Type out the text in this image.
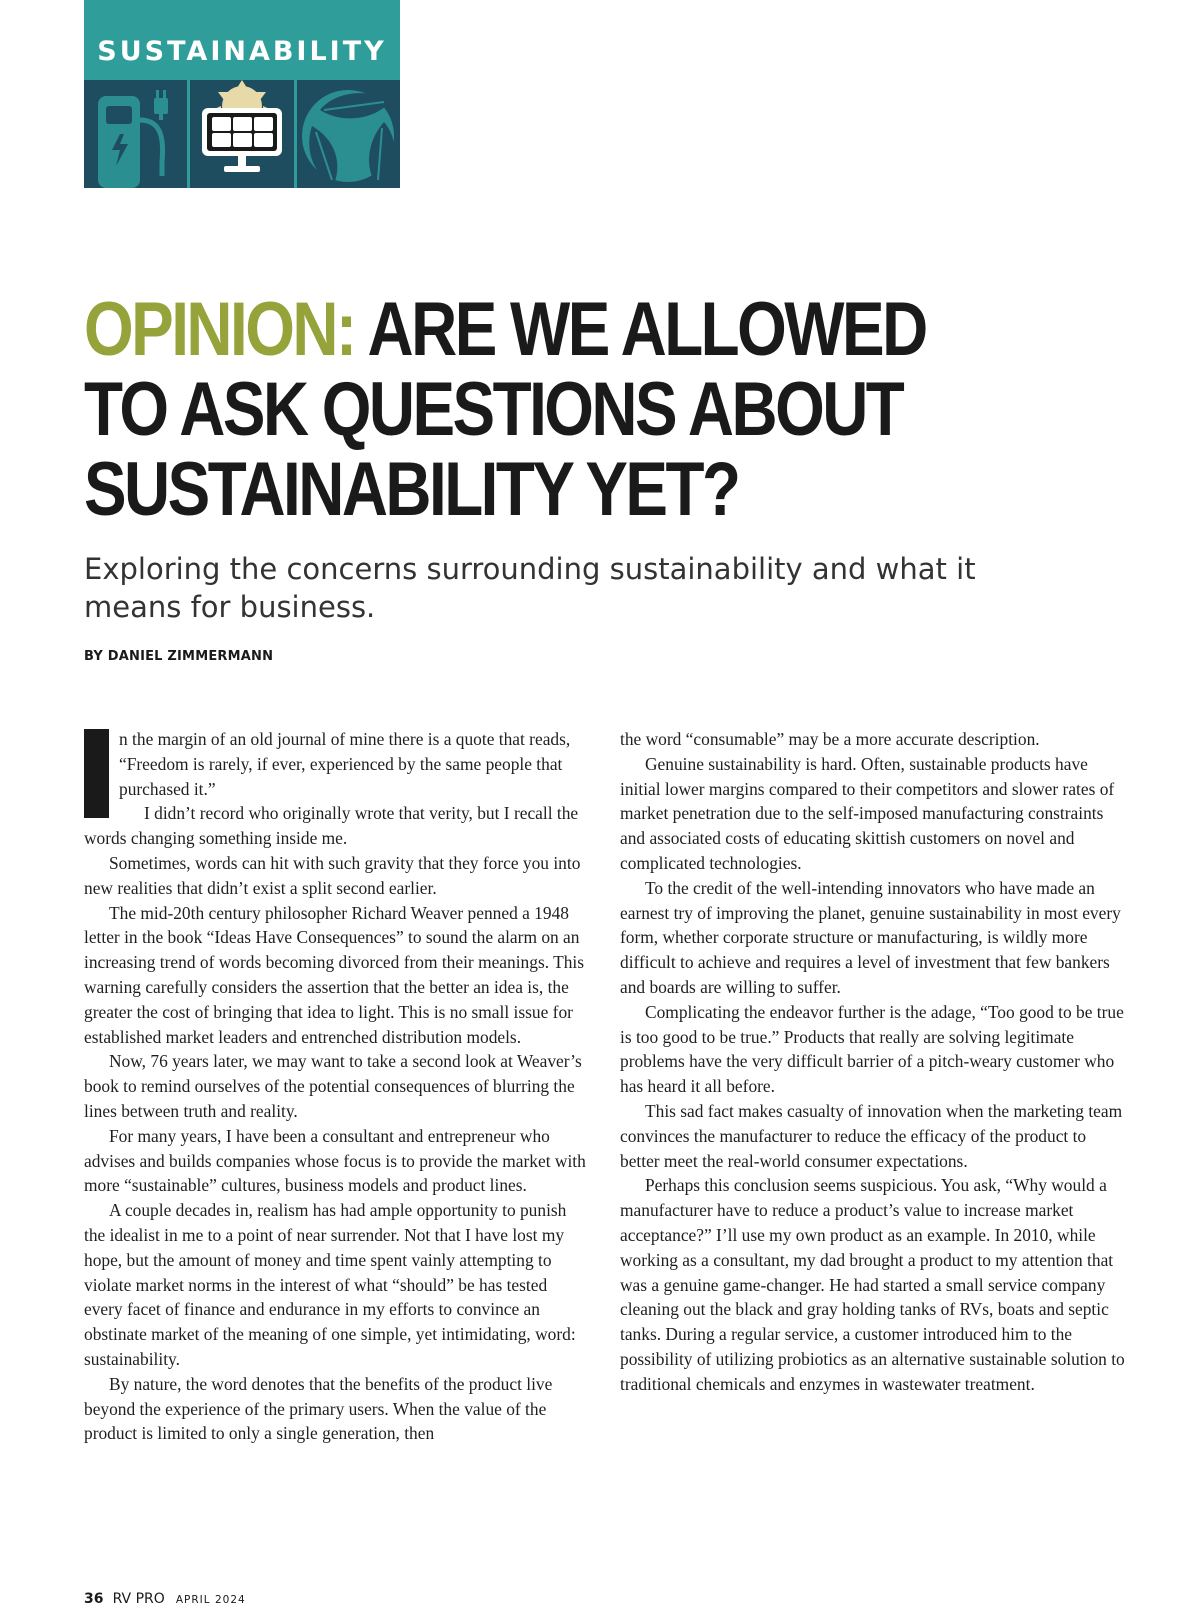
SUSTAINABILITY
OPINION: ARE WE ALLOWED TO ASK QUESTIONS ABOUT SUSTAINABILITY YET?

Exploring the concerns surrounding sustainability and what it means for business.

BY DANIEL ZIMMERMANN

n the margin of an old journal of mine there is a quote that reads, “Freedom is rarely, if ever, experienced by the same people that purchased it.”

I didn’t record who originally wrote that verity, but I recall the words changing something inside me.

Sometimes, words can hit with such gravity that they force you into new realities that didn’t exist a split second earlier.

The mid-20th century philosopher Richard Weaver penned a 1948 letter in the book “Ideas Have Consequences” to sound the alarm on an increasing trend of words becoming divorced from their meanings. This warning carefully considers the assertion that the better an idea is, the greater the cost of bringing that idea to light. This is no small issue for established market leaders and entrenched distribution models.

Now, 76 years later, we may want to take a second look at Weaver’s book to remind ourselves of the potential consequences of blurring the lines between truth and reality.

For many years, I have been a consultant and entrepreneur who advises and builds companies whose focus is to provide the market with more “sustainable” cultures, business models and product lines.

A couple decades in, realism has had ample opportunity to punish the idealist in me to a point of near surrender. Not that I have lost my hope, but the amount of money and time spent vainly attempting to violate market norms in the interest of what “should” be has tested every facet of finance and endurance in my efforts to convince an obstinate market of the meaning of one simple, yet intimidating, word: sustainability.

By nature, the word denotes that the benefits of the product live beyond the experience of the primary users. When the value of the product is limited to only a single generation, then

the word “consumable” may be a more accurate description.

Genuine sustainability is hard. Often, sustainable products have initial lower margins compared to their competitors and slower rates of market penetration due to the self-imposed manufacturing constraints and associated costs of educating skittish customers on novel and complicated technologies.

To the credit of the well-intending innovators who have made an earnest try of improving the planet, genuine sustainability in most every form, whether corporate structure or manufacturing, is wildly more difficult to achieve and requires a level of investment that few bankers and boards are willing to suffer.

Complicating the endeavor further is the adage, “Too good to be true is too good to be true.” Products that really are solving legitimate problems have the very difficult barrier of a pitch-weary customer who has heard it all before.

This sad fact makes casualty of innovation when the marketing team convinces the manufacturer to reduce the efficacy of the product to better meet the real-world consumer expectations.

Perhaps this conclusion seems suspicious. You ask, “Why would a manufacturer have to reduce a product’s value to increase market acceptance?” I’ll use my own product as an example. In 2010, while working as a consultant, my dad brought a product to my attention that was a genuine game-changer. He had started a small service company cleaning out the black and gray holding tanks of RVs, boats and septic tanks. During a regular service, a customer introduced him to the possibility of utilizing probiotics as an alternative sustainable solution to traditional chemicals and enzymes in wastewater treatment.

36 RV PRO APRIL 2024
